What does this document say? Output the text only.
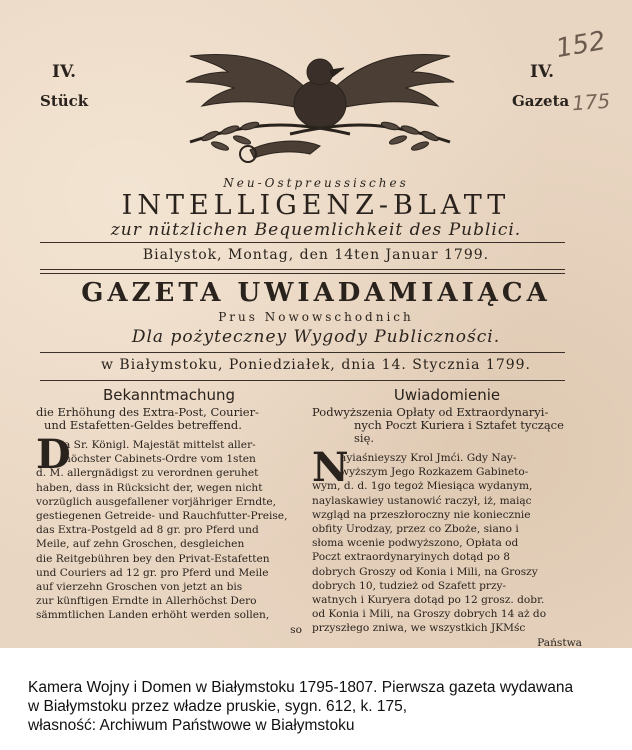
IV.
Stück
IV.
Gazeta
152
175
Neu-Ostpreussisches
INTELLIGENZ-BLATT
zur nützlichen Bequemlichkeit des Publici.
Bialystok, Montag, den 14ten Januar 1799.
GAZETA UWIADAMIAIĄCA
Prus Nowowschodnich
Dla pożyteczney Wygody Publiczności.
w Białymstoku, Poniedziałek, dnia 14. Stycznia 1799.
Bekanntmachung
die Erhöhung des Extra-Post, Courier-
und Estafetten-Geldes betreffend.
D
a Sr. Königl. Majestät mittelst aller-
höchster Cabinets-Ordre vom 1sten
d. M. allergnädigst zu verordnen geruhet
haben, dass in Rücksicht der, wegen nicht
vorzüglich ausgefallener vorjähriger Erndte,
gestiegenen Getreide- und Rauchfutter-Preise,
das Extra-Postgeld ad 8 gr. pro Pferd und
Meile, auf zehn Groschen, desgleichen
die Reitgebühren bey den Privat-Estafetten
und Couriers ad 12 gr. pro Pferd und Meile
auf vierzehn Groschen von jetzt an bis
zur künftigen Erndte in Allerhöchst Dero
sämmtlichen Landen erhöht werden sollen,
so
Uwiadomienie
Podwyższenia Opłaty od Extraordynaryi-
nych Poczt Kuriera i Sztafet tyczące się.
N
ayiaśnieyszy Krol Jmći. Gdy Nay-
wyższym Jego Rozkazem Gabineto-
wym, d. d. 1go tegoż Miesiąca wydanym,
naylaskawiey ustanowić raczył, iż, maiąc
wzgląd na przeszłoroczny nie koniecznie
obfity Urodzay, przez co Zboże, siano i
słoma wcenie podwyższono, Opłata od
Poczt extraordynaryinych dotąd po 8
dobrych Groszy od Konia i Mili, na Groszy
dobrych 10, tudzież od Szafett przy-
watnych i Kuryera dotąd po 12 grosz. dobr.
od Konia i Mili, na Groszy dobrych 14 aż do
przyszłego zniwa, we wszystkich JKMśc
Państwa
Kamera Wojny i Domen w Białymstoku 1795-1807. Pierwsza gazeta wydawana
w Białymstoku przez władze pruskie, sygn. 612, k. 175,
własność: Archiwum Państwowe w Białymstoku
